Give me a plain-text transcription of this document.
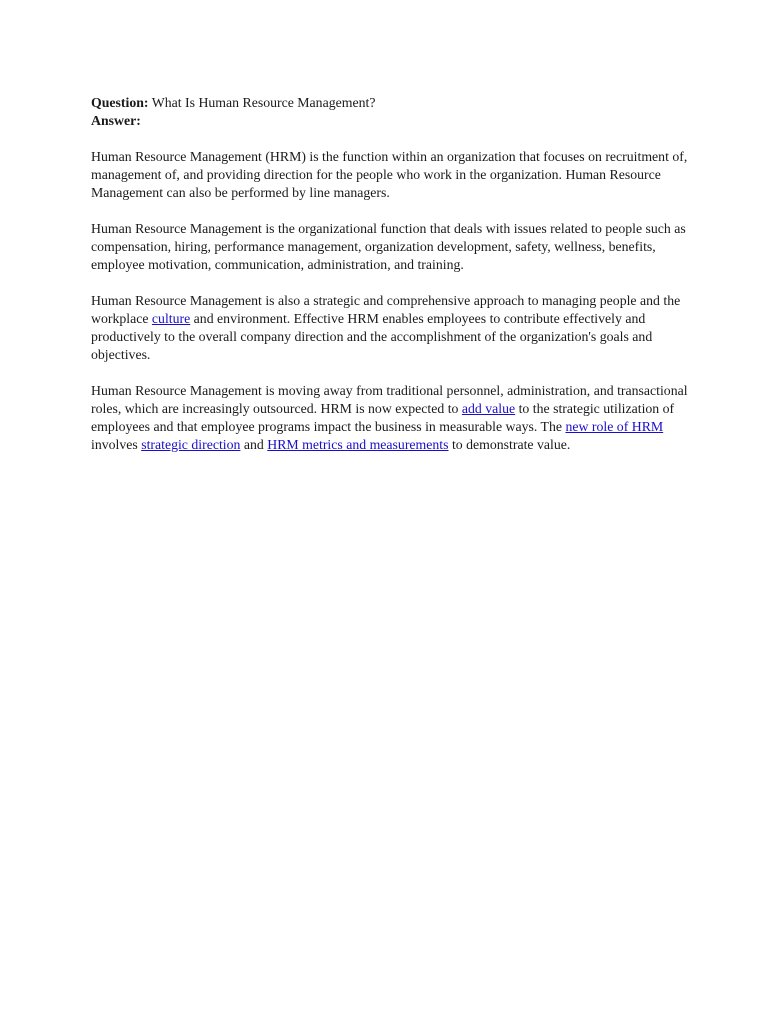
Question: What Is Human Resource Management?

Answer:

Human Resource Management (HRM) is the function within an organization that focuses on recruitment of, management of, and providing direction for the people who work in the organization. Human Resource Management can also be performed by line managers.

Human Resource Management is the organizational function that deals with issues related to people such as compensation, hiring, performance management, organization development, safety, wellness, benefits, employee motivation, communication, administration, and training.

Human Resource Management is also a strategic and comprehensive approach to managing people and the workplace culture and environment. Effective HRM enables employees to contribute effectively and productively to the overall company direction and the accomplishment of the organization's goals and objectives.

Human Resource Management is moving away from traditional personnel, administration, and transactional roles, which are increasingly outsourced. HRM is now expected to add value to the strategic utilization of employees and that employee programs impact the business in measurable ways. The new role of HRM involves strategic direction and HRM metrics and measurements to demonstrate value.
